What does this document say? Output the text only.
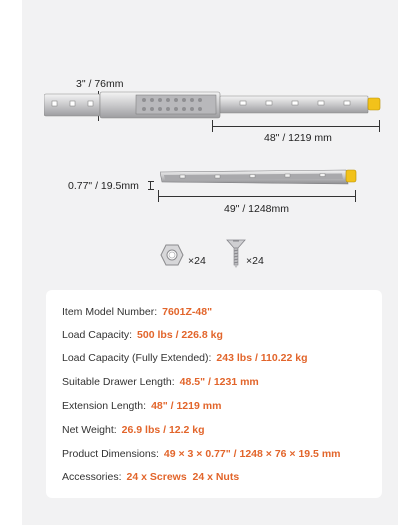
3" / 76mm
48" / 1219 mm
0.77" / 19.5mm
49" / 1248mm
×24	×24
Item Model Number: 7601Z-48"
Load Capacity: 500 lbs / 226.8 kg
Load Capacity (Fully Extended): 243 lbs / 110.22 kg
Suitable Drawer Length: 48.5" / 1231 mm
Extension Length: 48" / 1219 mm
Net Weight: 26.9 lbs / 12.2 kg
Product Dimensions: 49 × 3 × 0.77" / 1248 × 76 × 19.5 mm
Accessories: 24 x Screws  24 x Nuts
